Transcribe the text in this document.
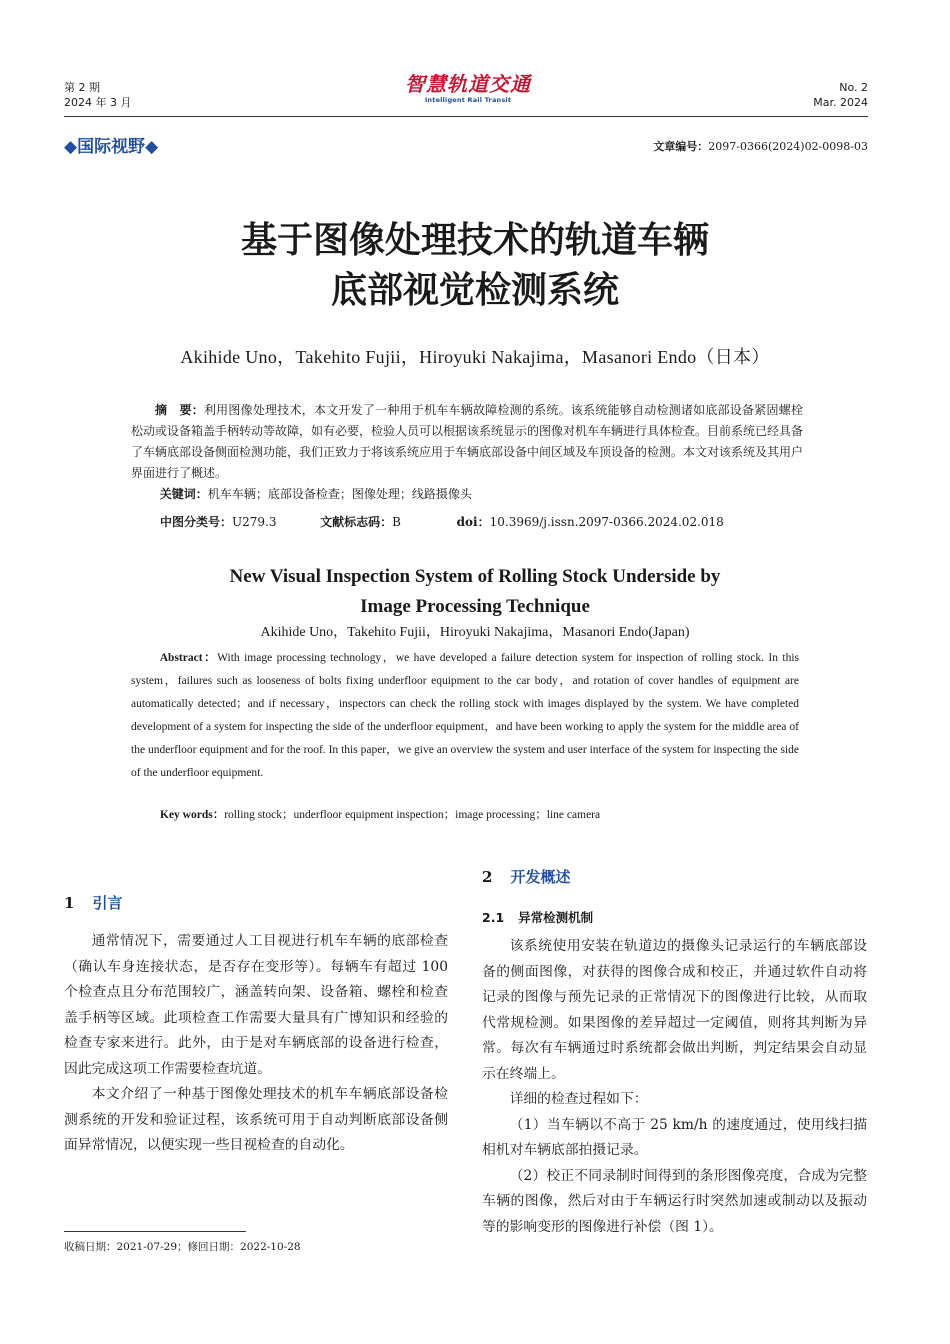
第 2 期
2024 年 3 月
智慧轨道交通
Intelligent Rail Transit
No. 2
Mar. 2024
◆国际视野◆	文章编号：2097-0366(2024)02-0098-03
基于图像处理技术的轨道车辆
底部视觉检测系统
Akihide Uno，Takehito Fujii，Hiroyuki Nakajima，Masanori Endo（日本）
摘　要：利用图像处理技术，本文开发了一种用于机车车辆故障检测的系统。该系统能够自动检测诸如底部设备紧固螺栓松动或设备箱盖手柄转动等故障，如有必要，检验人员可以根据该系统显示的图像对机车车辆进行具体检查。目前系统已经具备了车辆底部设备侧面检测功能，我们正致力于将该系统应用于车辆底部设备中间区域及车顶设备的检测。本文对该系统及其用户界面进行了概述。
关键词：机车车辆；底部设备检查；图像处理；线路摄像头
中图分类号：U279.3	文献标志码：B	doi：10.3969/j.issn.2097-0366.2024.02.018
New Visual Inspection System of Rolling Stock Underside by
Image Processing Technique
Akihide Uno，Takehito Fujii，Hiroyuki Nakajima，Masanori Endo(Japan)
Abstract：With image processing technology，we have developed a failure detection system for inspection of rolling stock. In this system，failures such as looseness of bolts fixing underfloor equipment to the car body，and rotation of cover handles of equipment are automatically detected；and if necessary，inspectors can check the rolling stock with images displayed by the system. We have completed development of a system for inspecting the side of the underfloor equipment，and have been working to apply the system for the middle area of the underfloor equipment and for the roof. In this paper，we give an overview the system and user interface of the system for inspecting the side of the underfloor equipment.
Key words：rolling stock；underfloor equipment inspection；image processing；line camera
1 引言

通常情况下，需要通过人工目视进行机车车辆的底部检查（确认车身连接状态，是否存在变形等）。每辆车有超过 100 个检查点且分布范围较广，涵盖转向架、设备箱、螺栓和检查盖手柄等区域。此项检查工作需要大量具有广博知识和经验的检查专家来进行。此外，由于是对车辆底部的设备进行检查，因此完成这项工作需要检查坑道。

本文介绍了一种基于图像处理技术的机车车辆底部设备检测系统的开发和验证过程，该系统可用于自动判断底部设备侧面异常情况，以便实现一些目视检查的自动化。

2 开发概述
2.1 异常检测机制

该系统使用安装在轨道边的摄像头记录运行的车辆底部设备的侧面图像，对获得的图像合成和校正，并通过软件自动将记录的图像与预先记录的正常情况下的图像进行比较，从而取代常规检测。如果图像的差异超过一定阈值，则将其判断为异常。每次有车辆通过时系统都会做出判断，判定结果会自动显示在终端上。

详细的检查过程如下：

（1）当车辆以不高于 25 km/h 的速度通过，使用线扫描相机对车辆底部拍摄记录。

（2）校正不同录制时间得到的条形图像亮度，合成为完整车辆的图像，然后对由于车辆运行时突然加速或制动以及振动等的影响变形的图像进行补偿（图 1）。

收稿日期：2021-07-29；修回日期：2022-10-28
